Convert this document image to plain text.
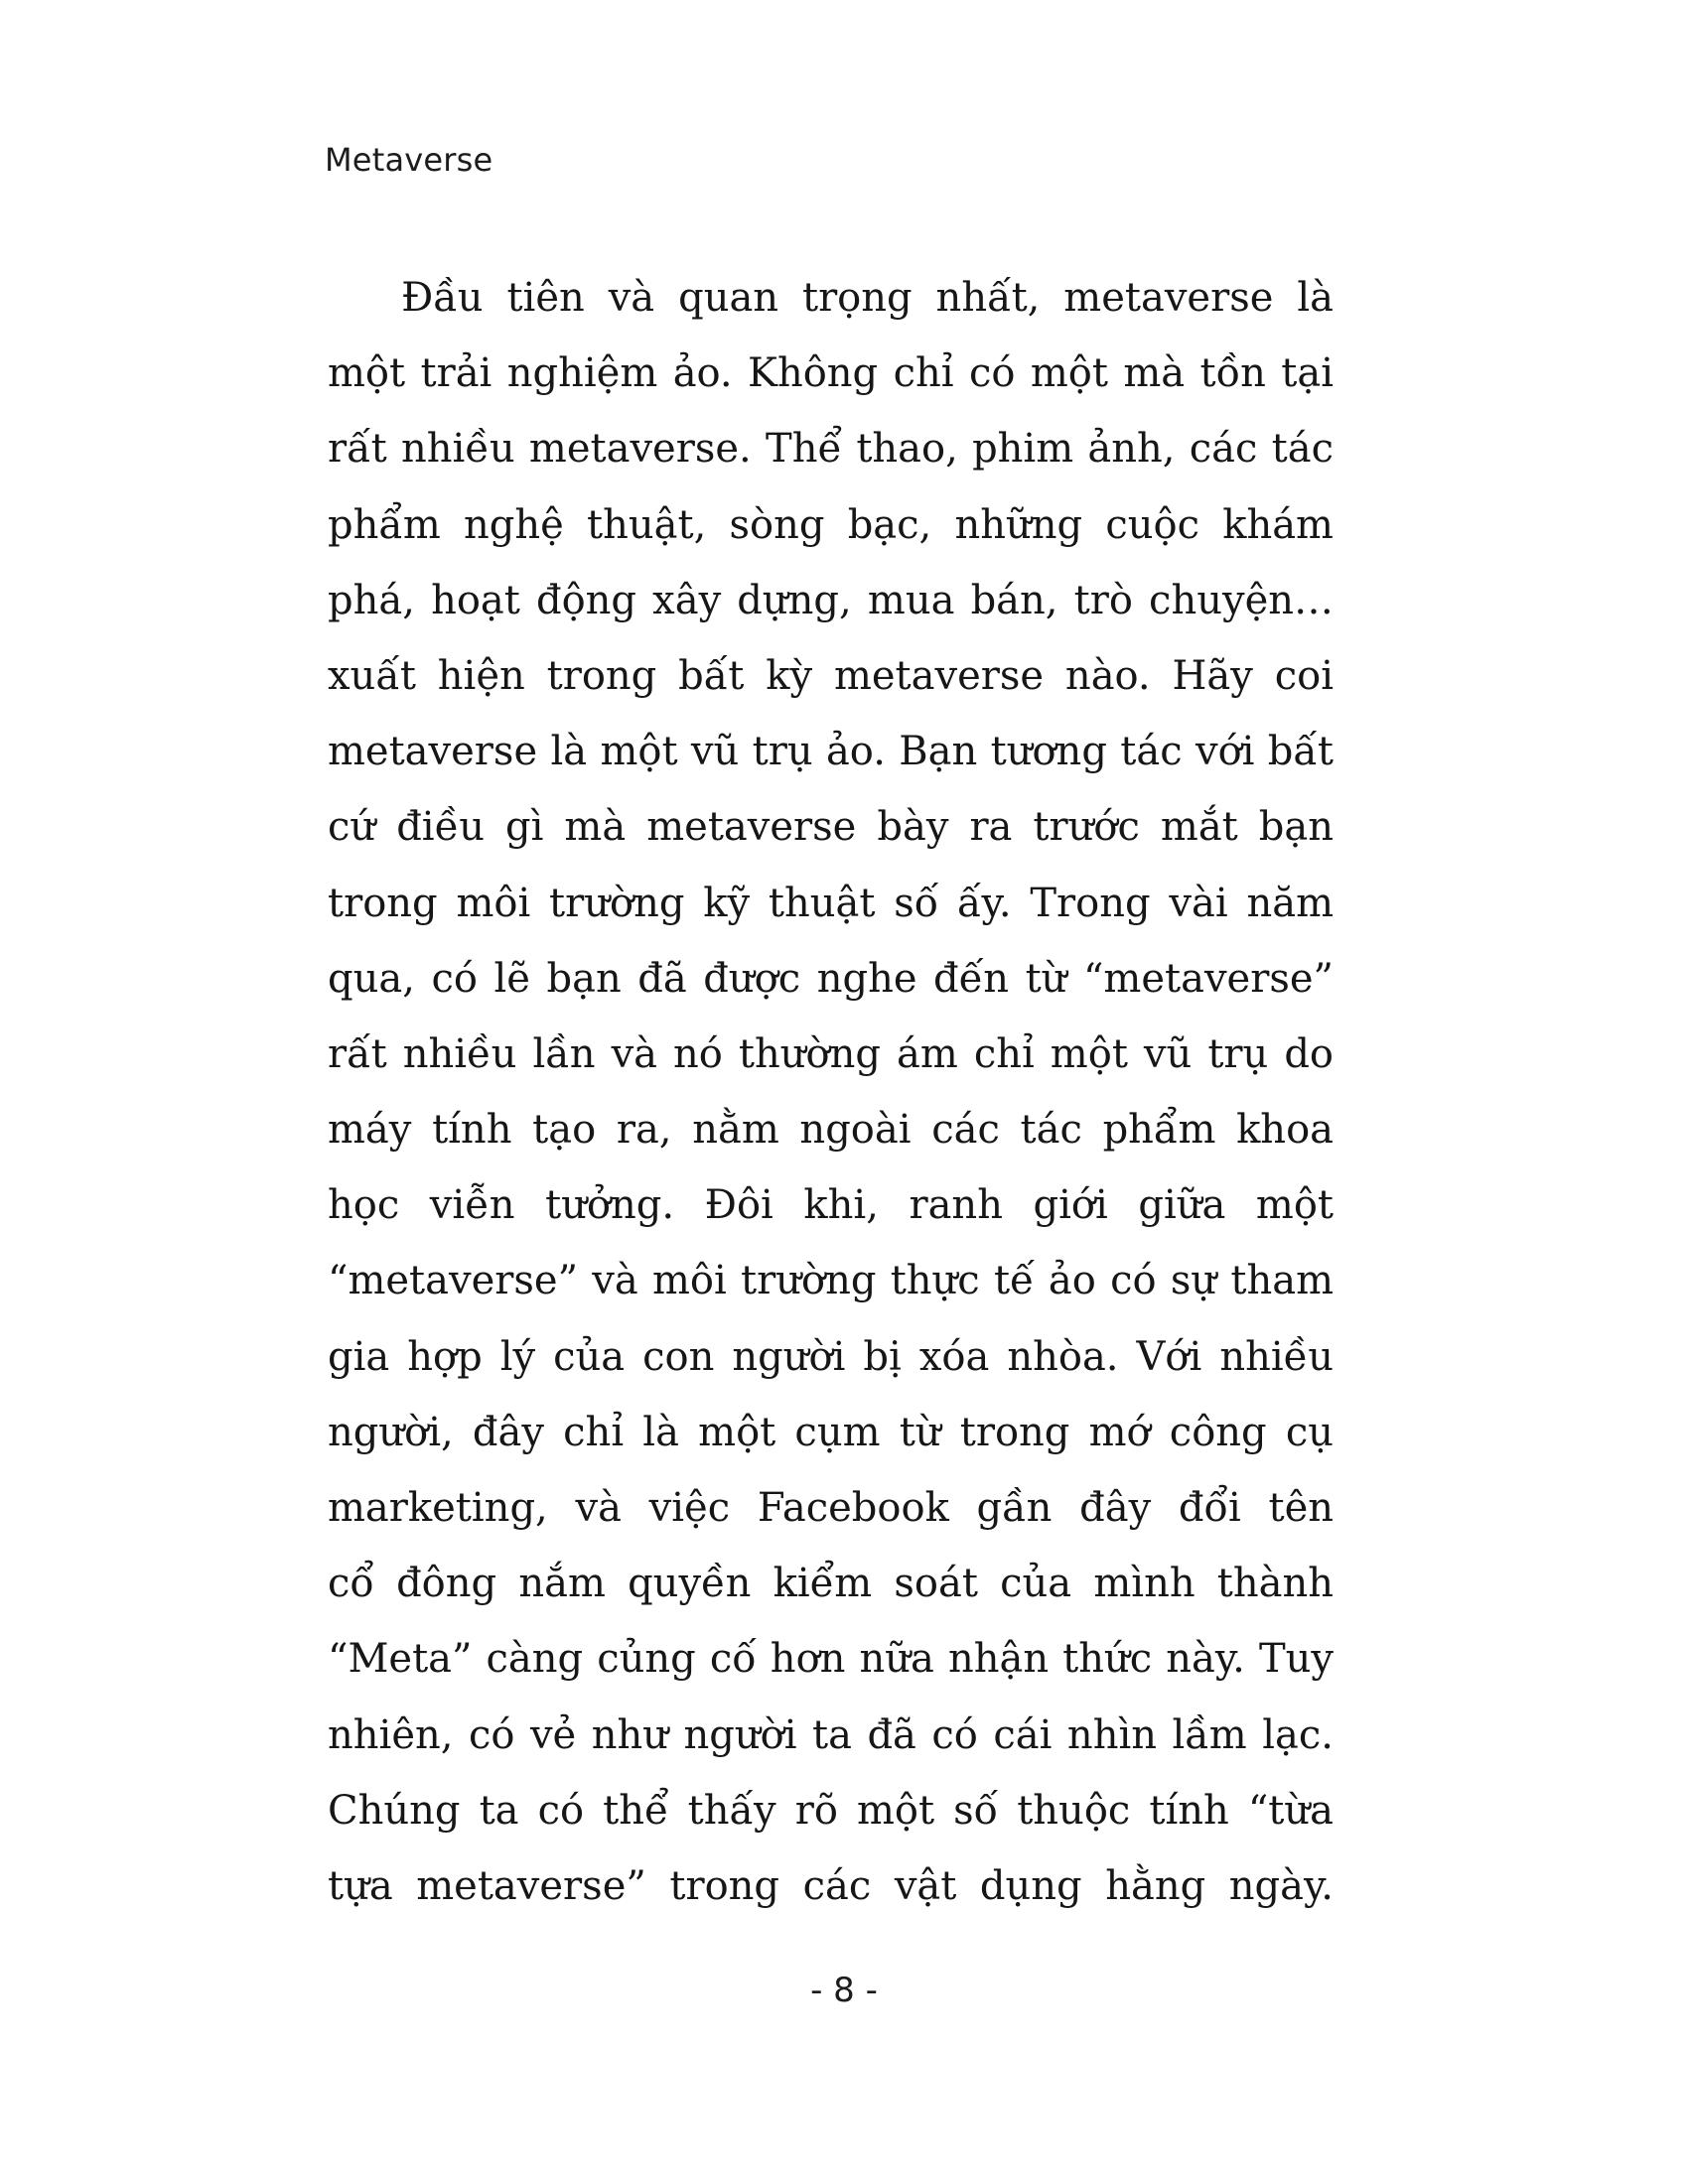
Metaverse
Đầu tiên và quan trọng nhất, metaverse là
một trải nghiệm ảo. Không chỉ có một mà tồn tại
rất nhiều metaverse. Thể thao, phim ảnh, các tác
phẩm nghệ thuật, sòng bạc, những cuộc khám
phá, hoạt động xây dựng, mua bán, trò chuyện…
xuất hiện trong bất kỳ metaverse nào. Hãy coi
metaverse là một vũ trụ ảo. Bạn tương tác với bất
cứ điều gì mà metaverse bày ra trước mắt bạn
trong môi trường kỹ thuật số ấy. Trong vài năm
qua, có lẽ bạn đã được nghe đến từ “metaverse”
rất nhiều lần và nó thường ám chỉ một vũ trụ do
máy tính tạo ra, nằm ngoài các tác phẩm khoa
học viễn tưởng. Đôi khi, ranh giới giữa một
“metaverse” và môi trường thực tế ảo có sự tham
gia hợp lý của con người bị xóa nhòa. Với nhiều
người, đây chỉ là một cụm từ trong mớ công cụ
marketing, và việc Facebook gần đây đổi tên
cổ đông nắm quyền kiểm soát của mình thành
“Meta” càng củng cố hơn nữa nhận thức này. Tuy
nhiên, có vẻ như người ta đã có cái nhìn lầm lạc.
Chúng ta có thể thấy rõ một số thuộc tính “từa
tựa metaverse” trong các vật dụng hằng ngày.
- 8 -
